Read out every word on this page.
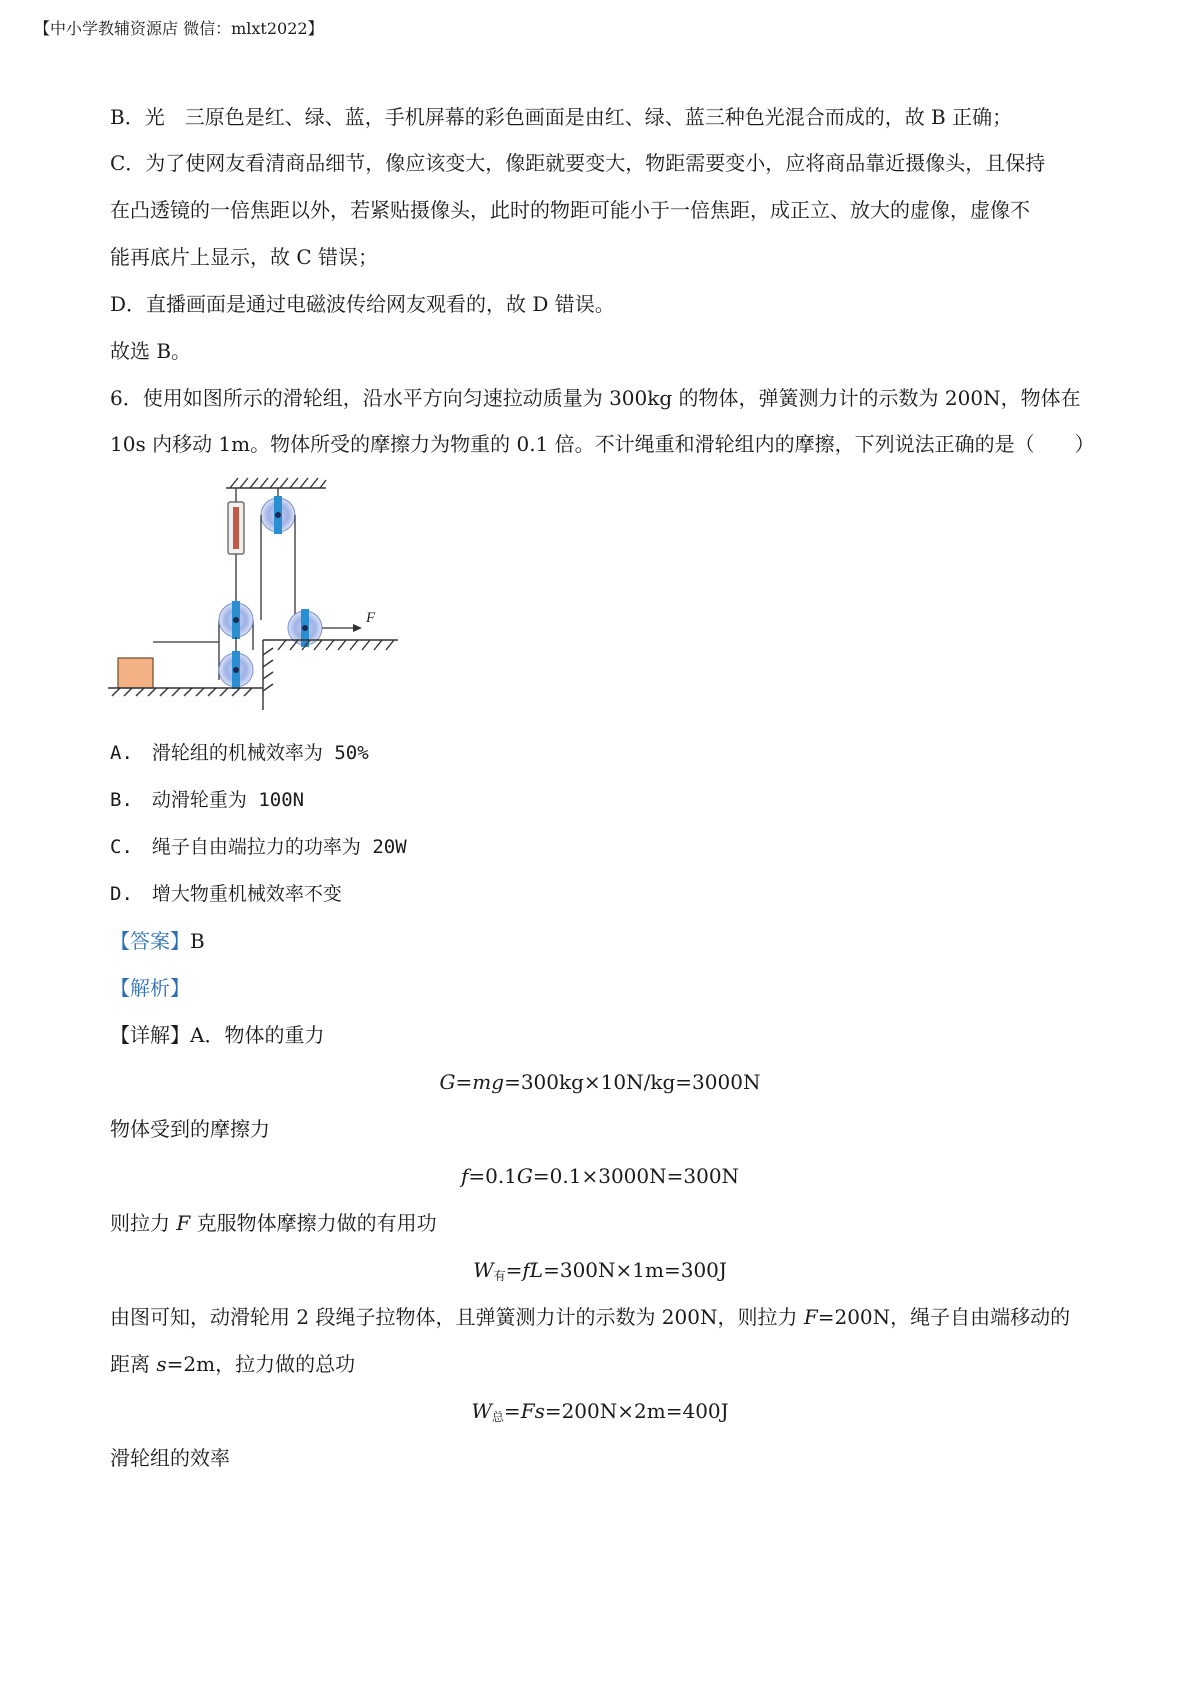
【中小学教辅资源店 微信：mlxt2022】
B．光　三原色是红、绿、蓝，手机屏幕的彩色画面是由红、绿、蓝三种色光混合而成的，故 B 正确；
C．为了使网友看清商品细节，像应该变大，像距就要变大，物距需要变小，应将商品靠近摄像头，且保持
在凸透镜的一倍焦距以外，若紧贴摄像头，此时的物距可能小于一倍焦距，成正立、放大的虚像，虚像不
能再底片上显示，故 C 错误；
D．直播画面是通过电磁波传给网友观看的，故 D 错误。
故选 B。
6．使用如图所示的滑轮组，沿水平方向匀速拉动质量为 300kg 的物体，弹簧测力计的示数为 200N，物体在
10s 内移动 1m。物体所受的摩擦力为物重的 0.1 倍。不计绳重和滑轮组内的摩擦，下列说法正确的是（　　）
F
A.　滑轮组的机械效率为 50%
B.　动滑轮重为 100N
C.　绳子自由端拉力的功率为 20W
D.　增大物重机械效率不变
【答案】B
【解析】
【详解】A．物体的重力
G=mg=300kg×10N/kg=3000N
物体受到的摩擦力
f=0.1G=0.1×3000N=300N
则拉力 F 克服物体摩擦力做的有用功
$W_有=fL=300N\times 1m=300J$
由图可知，动滑轮用 2 段绳子拉物体，且弹簧测力计的示数为 200N，则拉力 F=200N，绳子自由端移动的
距离 s=2m，拉力做的总功
$W_总=Fs=200N\times 2m=400J$
滑轮组的效率
